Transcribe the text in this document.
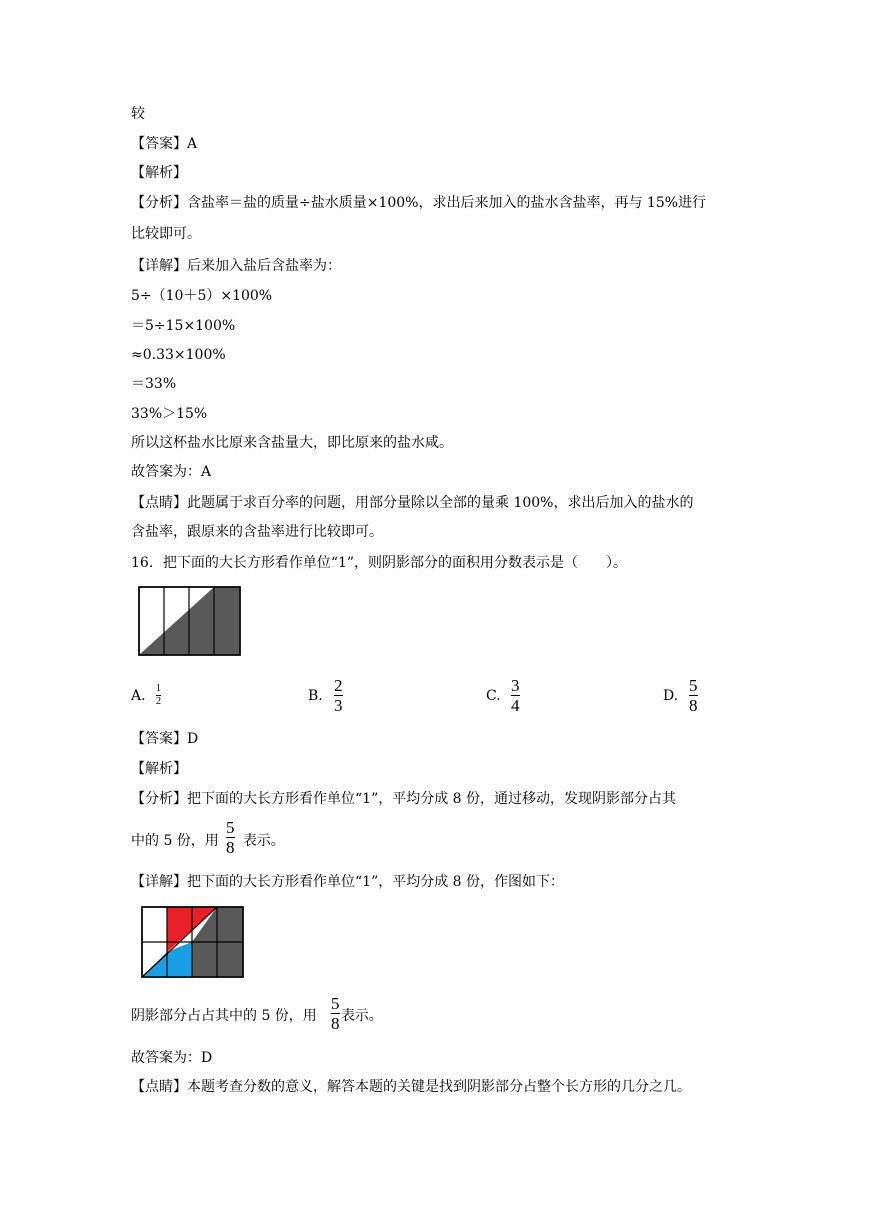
较
【答案】A
【解析】
【分析】含盐率＝盐的质量÷盐水质量×100%，求出后来加入的盐水含盐率，再与 15%进行
比较即可。
【详解】后来加入盐后含盐率为：
5÷（10＋5）×100%
＝5÷15×100%
≈0.33×100%
＝33%
33%＞15%
所以这杯盐水比原来含盐量大，即比原来的盐水咸。
故答案为：A
【点睛】此题属于求百分率的问题，用部分量除以全部的量乘 100%，求出后加入的盐水的
含盐率，跟原来的含盐率进行比较即可。
16．把下面的大长方形看作单位“1”，则阴影部分的面积用分数表示是（　　）。
A. 1
2	B.
2
3	C.
3
4	D.
5
8
【答案】D
【解析】
【分析】把下面的大长方形看作单位“1”，平均分成 8 份，通过移动，发现阴影部分占其
中的 5 份，用 表示。
5
8
【详解】把下面的大长方形看作单位“1”，平均分成 8 份，作图如下：
阴影部分占占其中的 5 份，用 表示。
5
8
故答案为：D
【点睛】本题考查分数的意义，解答本题的关键是找到阴影部分占整个长方形的几分之几。
